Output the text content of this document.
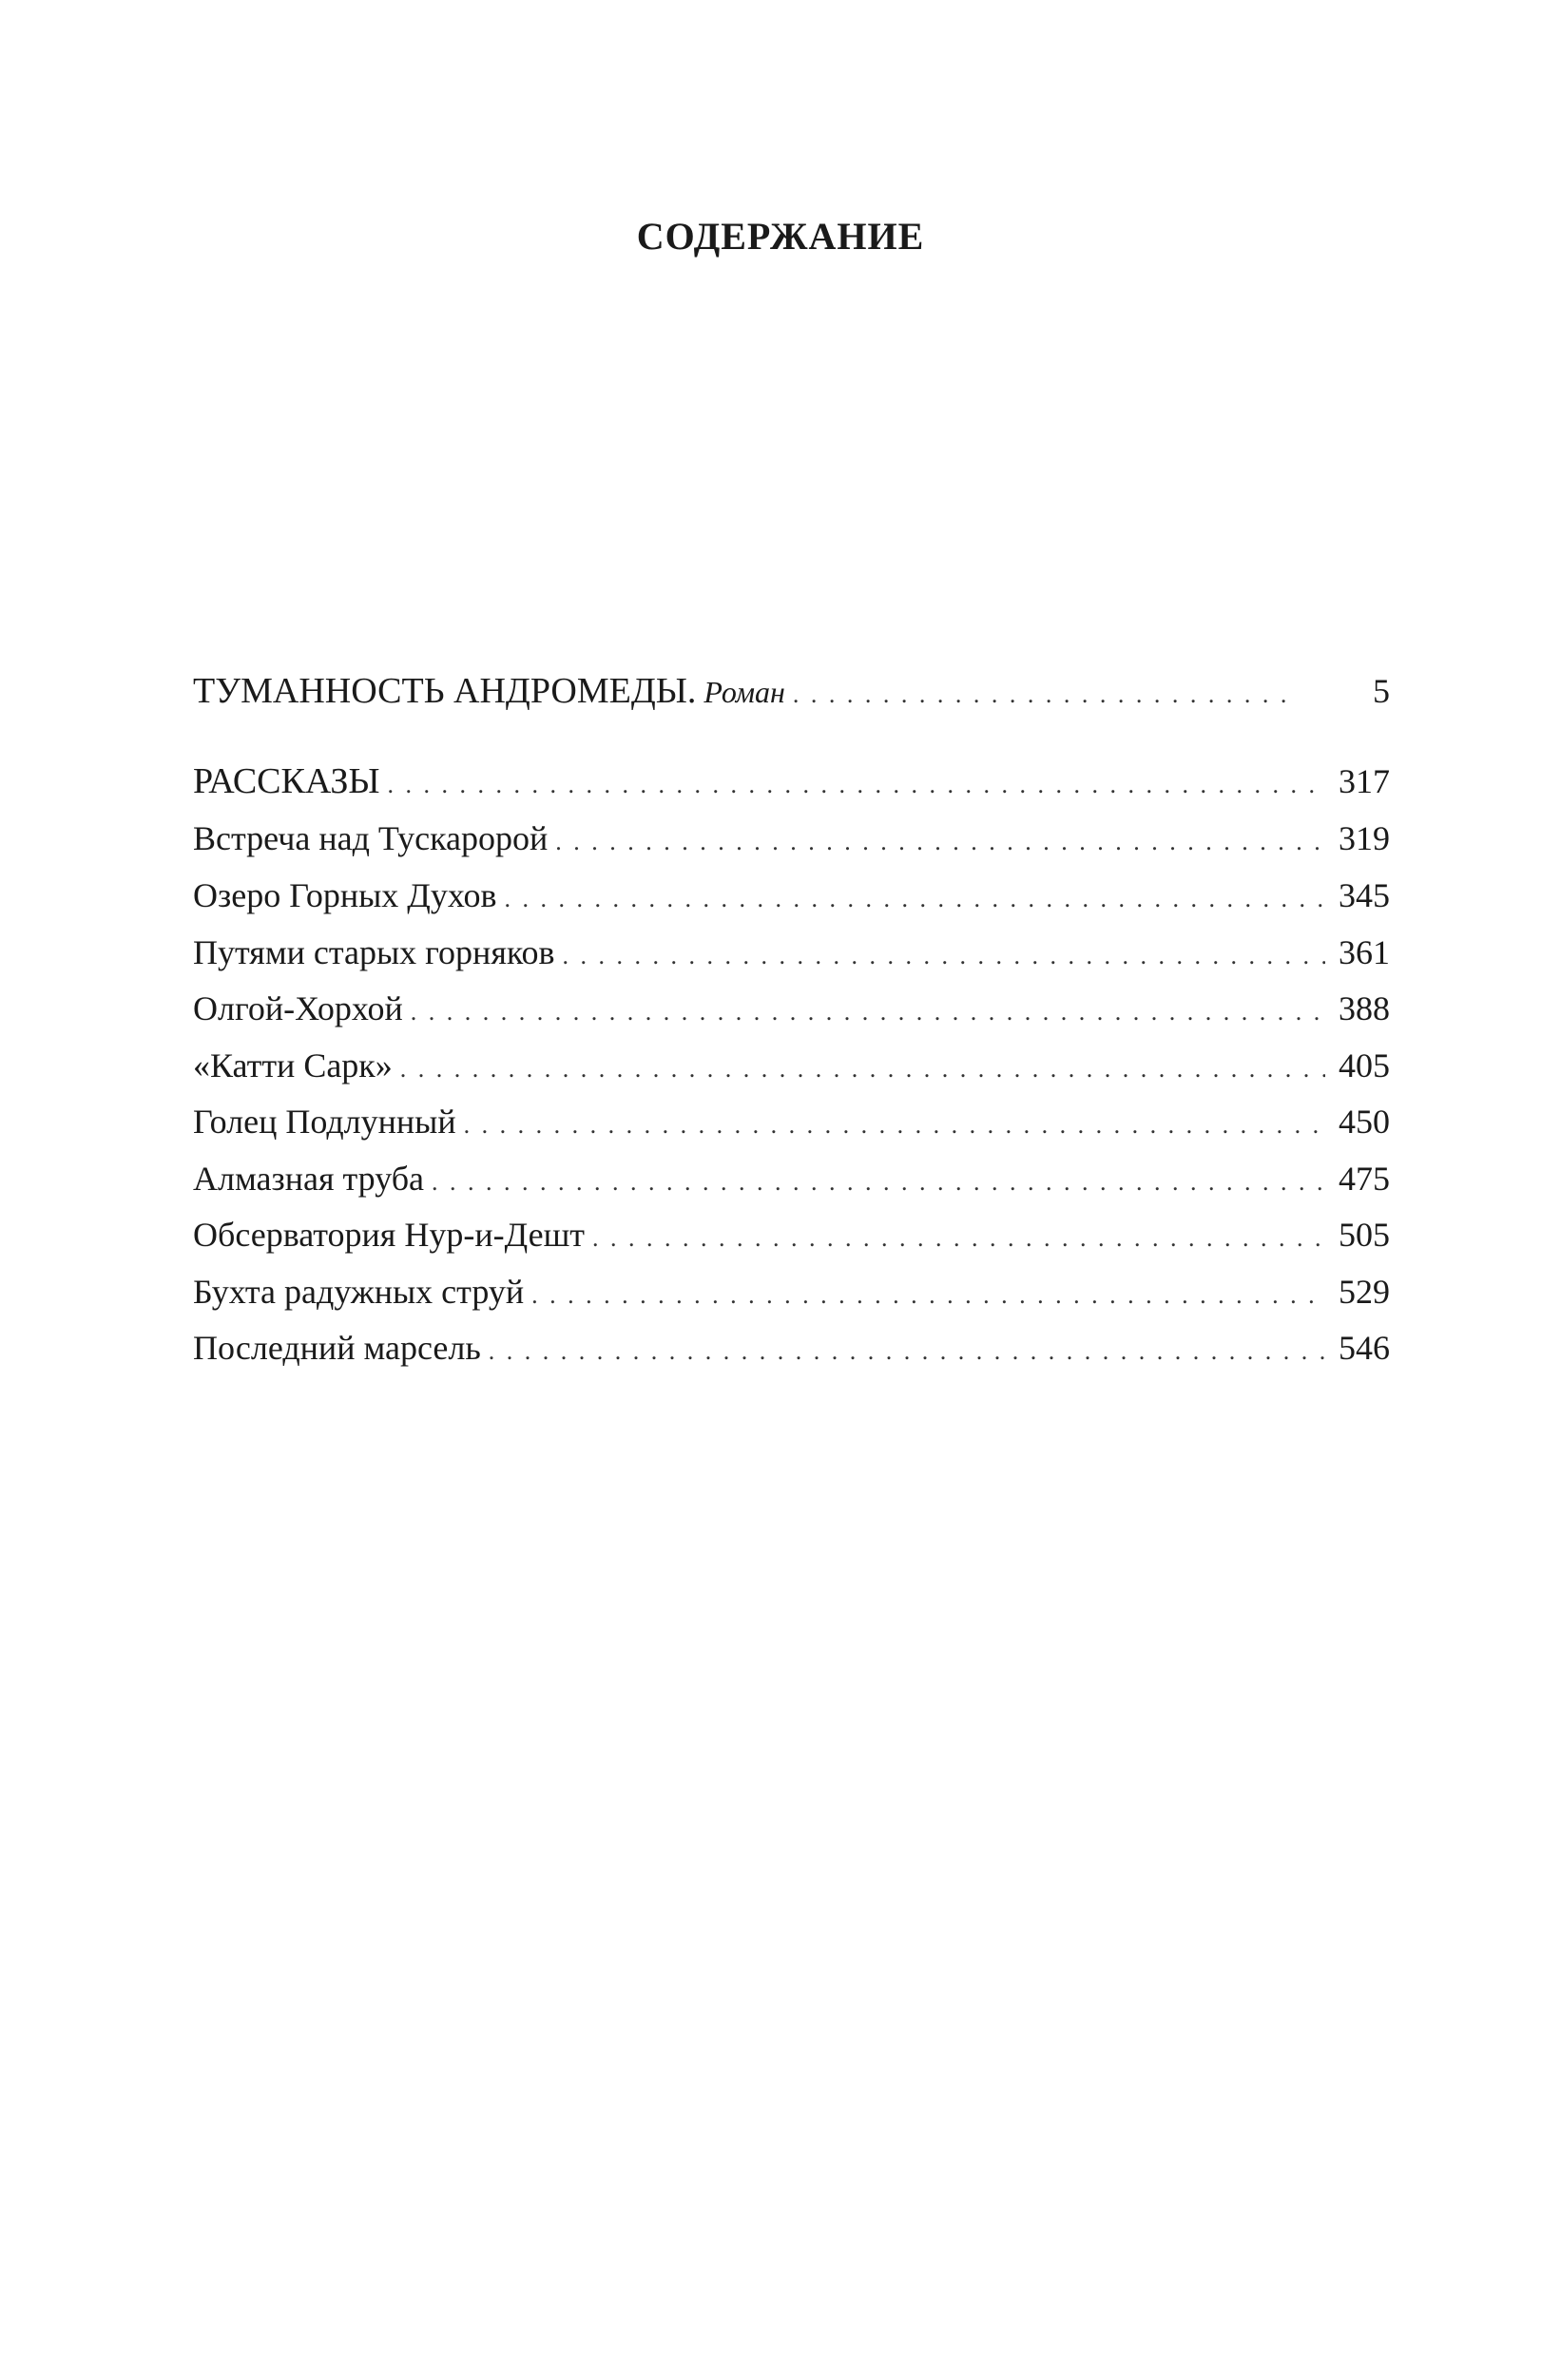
СОДЕРЖАНИЕ
ТУМАННОСТЬ АНДРОМЕДЫ. Роман . . .	5
РАССКАЗЫ . . .	317
Встреча над Тускаророй . . .	319
Озеро Горных Духов . . .	345
Путями старых горняков . . .	361
Олгой-Хорхой . . .	388
«Катти Сарк» . . .	405
Голец Подлунный . . .	450
Алмазная труба . . .	475
Обсерватория Нур-и-Дешт . . .	505
Бухта радужных струй . . .	529
Последний марсель . . .	546
